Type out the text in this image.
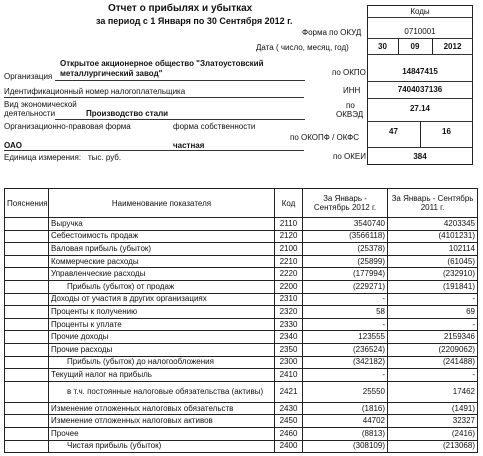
Отчет о прибылях и убытках
за период с 1 Января по 30 Сентября 2012 г.
Коды
Форма по ОКУД	0710001
Дата ( число, месяц, год)	30	09	2012
Организация
Открытое акционерное общество "Златоустовский
металлургический завод"	по ОКПО	14847415
Идентификационный номер налогоплательщика	ИНН	7404037136
Вид экономической
деятельности	Производство стали
по
ОКВЭД
27.14
Организационно-правовая форма	форма собственности
по ОКОПФ / ОКФС
47	16
ОАО	частная
Единица измерения: тыс. руб.	по ОКЕИ	384
Пояснения	Наименование показателя	Код	За Январь - Сентябрь 2012 г.	За Январь - Сентябрь 2011 г.
	Выручка	2110	3540740	4203345
	Себестоимость продаж	2120	(3566118)	(4101231)
	Валовая прибыль (убыток)	2100	(25378)	102114
	Коммерческие расходы	2210	(25899)	(61045)
	Управленческие расходы	2220	(177994)	(232910)
	Прибыль (убыток) от продаж	2200	(229271)	(191841)
	Доходы от участия в других организациях	2310	-	-
	Проценты к получению	2320	58	69
	Проценты к уплате	2330	-	-
	Прочие доходы	2340	123555	2159346
	Прочие расходы	2350	(236524)	(2209062)
	Прибыль (убыток) до налогообложения	2300	(342182)	(241488)
	Текущий налог на прибыль	2410	-	-
	в т.ч. постоянные налоговые обязательства (активы)	2421	25550	17462
	Изменение отложенных налоговых обязательств	2430	(1816)	(1491)
	Изменение отложенных налоговых активов	2450	44702	32327
	Прочее	2460	(8813)	(2416)
	Чистая прибыль (убыток)	2400	(308109)	(213068)
